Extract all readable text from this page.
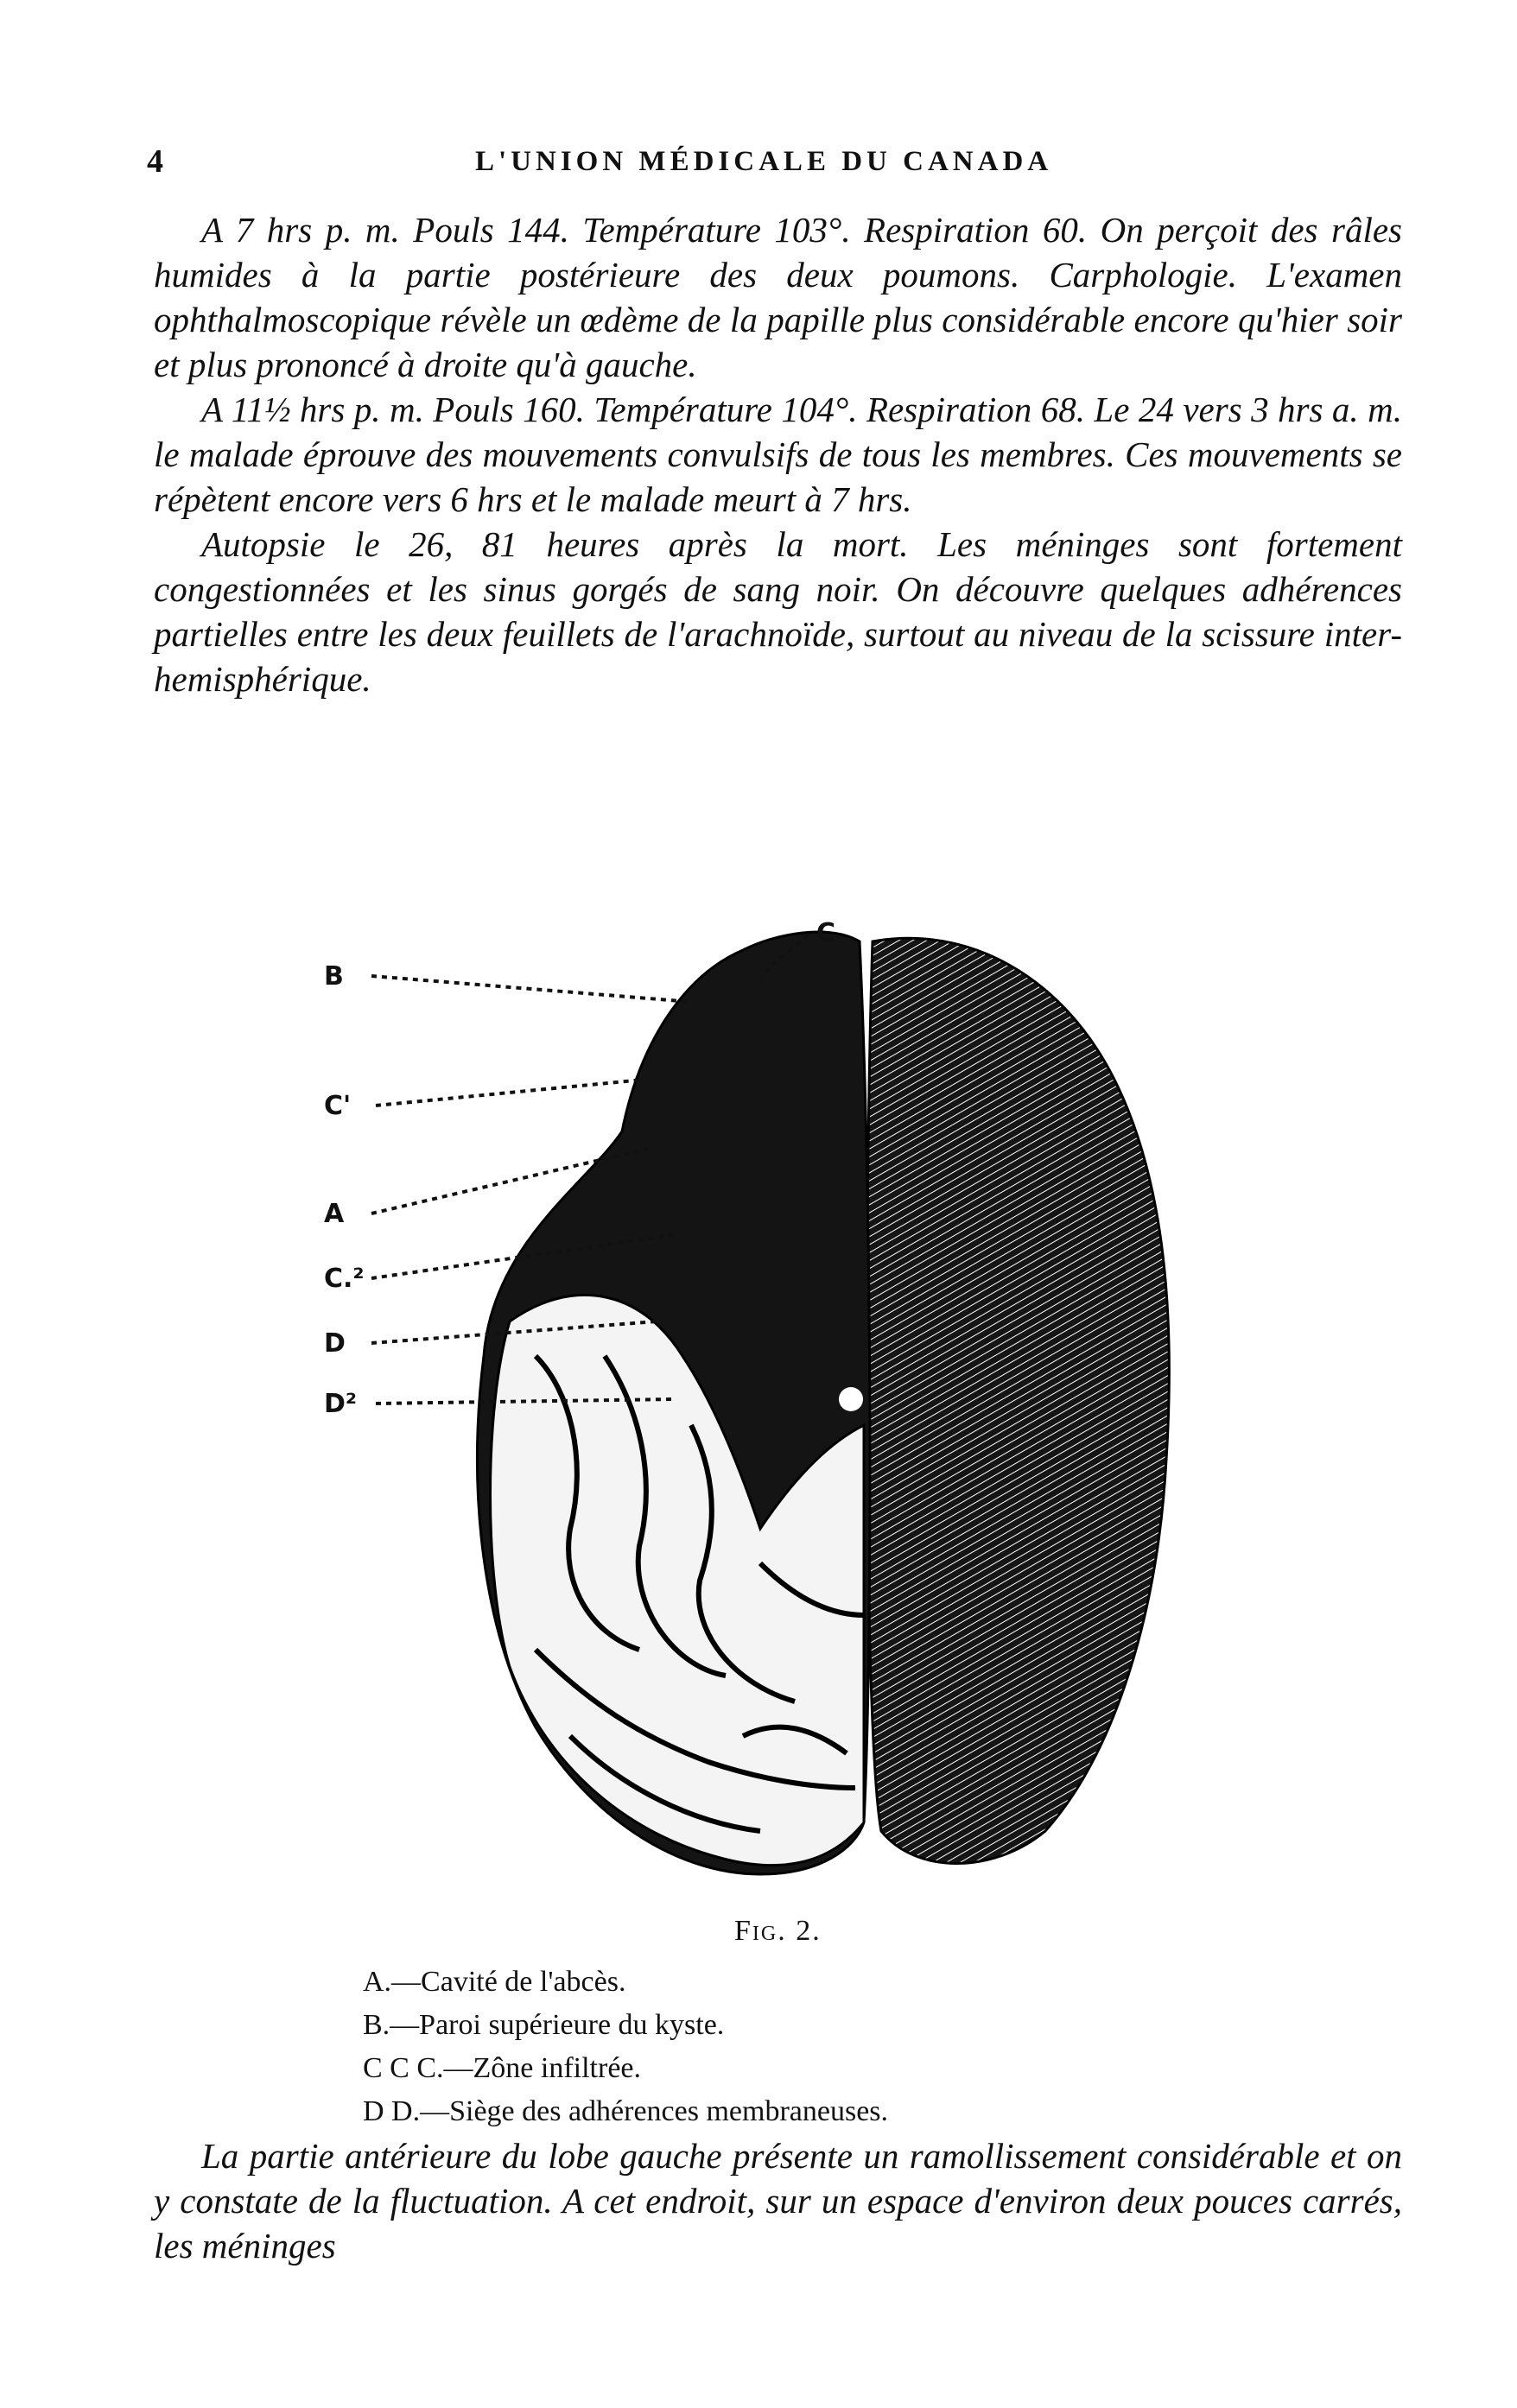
4	L'UNION MÉDICALE DU CANADA

A 7 hrs p. m. Pouls 144. Température 103°. Respiration 60. On perçoit des râles humides à la partie postérieure des deux poumons. Carphologie. L'examen ophthalmoscopique révèle un œdème de la papille plus considérable encore qu'hier soir et plus prononcé à droite qu'à gauche.

A 11½ hrs p. m. Pouls 160. Température 104°. Respiration 68. Le 24 vers 3 hrs a. m. le malade éprouve des mouvements convulsifs de tous les membres. Ces mouvements se répètent encore vers 6 hrs et le malade meurt à 7 hrs.

Autopsie le 26, 81 heures après la mort. Les méninges sont fortement congestionnées et les sinus gorgés de sang noir. On découvre quelques adhérences partielles entre les deux feuillets de l'arachnoïde, surtout au niveau de la scissure inter-hemisphérique.

C
B
C'
A
C.²
D
D²
Fig. 2.
A.—Cavité de l'abcès.
B.—Paroi supérieure du kyste.
C C C.—Zône infiltrée.
D D.—Siège des adhérences membraneuses.

La partie antérieure du lobe gauche présente un ramollissement considérable et on y constate de la fluctuation. A cet endroit, sur un espace d'environ deux pouces carrés, les méninges
